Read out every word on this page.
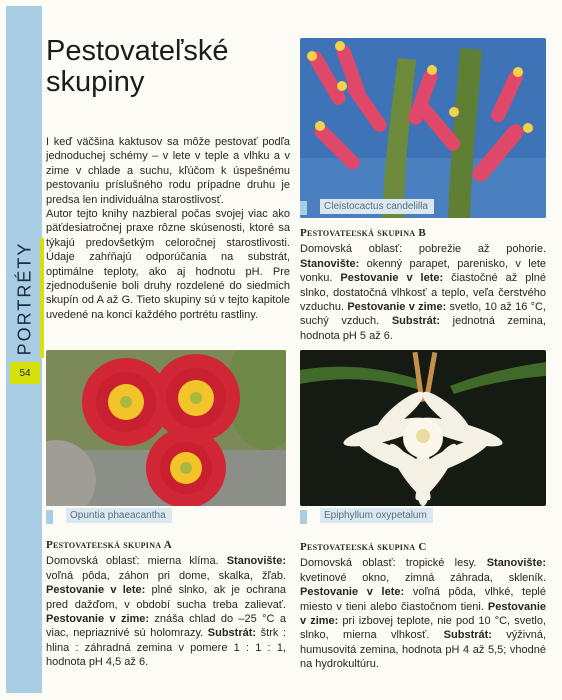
PORTRÉTY
54
Pestovateľské
skupiny

I keď väčšina kaktusov sa môže pestovať podľa jednoduchej schémy – v lete v teple a vlhku a v zime v chlade a suchu, kľúčom k úspešnému pestovaniu príslušného rodu prípadne druhu je predsa len individuálna starostlivosť.

Autor tejto knihy nazbieral počas svojej viac ako päťdesiatročnej praxe rôzne skúsenosti, ktoré sa týkajú predovšetkým celoročnej starostlivosti. Údaje zahŕňajú odporúčania na substrát, optimálne teploty, ako aj hodnotu pH. Pre zjednodušenie boli druhy rozdelené do siedmich skupín od A až G. Tieto skupiny sú v tejto kapitole uvedené na konci každého portrétu rastliny.

Cleistocactus candelilla
Pestovateľská skupina B

Domovská oblasť: pobrežie až pohorie. Stanovište: okenný parapet, parenisko, v lete vonku. Pestovanie v lete: čiastočné až plné slnko, dostatočná vlhkosť a teplo, veľa čerstvého vzduchu. Pestovanie v zime: svetlo, 10 až 16 °C, suchý vzduch. Substrát: jednotná zemina, hodnota pH 5 až 6.

Opuntia phaeacantha	Epiphyllum oxypetalum
Pestovateľská skupina A

Domovská oblasť: mierna klíma. Stanovište: voľná pôda, záhon pri dome, skalka, žľab. Pestovanie v lete: plné slnko, ak je ochrana pred dažďom, v období sucha treba zalievať. Pestovanie v zime: znáša chlad do –25 °C a viac, nepriaznivé sú holomrazy. Substrát: štrk : hlina : záhradná zemina v pomere 1 : 1 : 1, hodnota pH 4,5 až 6.

Pestovateľská skupina C

Domovská oblasť: tropické lesy. Stanovište: kvetinové okno, zimná záhrada, skleník. Pestovanie v lete: voľná pôda, vlhké, teplé miesto v tieni alebo čiastočnom tieni. Pestovanie v zime: pri izbovej teplote, nie pod 10 °C, svetlo, slnko, mierna vlhkosť. Substrát: výživná, humusovitá zemina, hodnota pH 4 až 5,5; vhodné na hydrokultúru.
